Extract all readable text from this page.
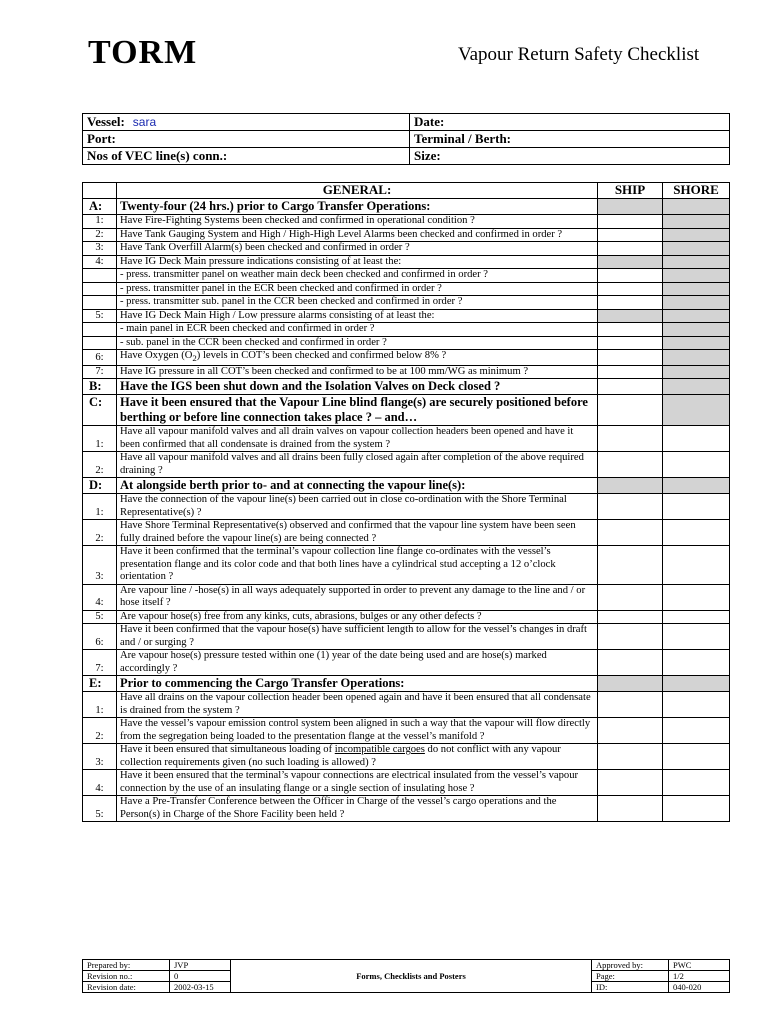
TORM	Vapour Return Safety Checklist
Vessel: sara	Date:
Port:	Terminal / Berth:
Nos of VEC line(s) conn.:	Size:
	GENERAL:	SHIP	SHORE
A:	Twenty-four (24 hrs.) prior to Cargo Transfer Operations:		
1:	Have Fire-Fighting Systems been checked and confirmed in operational condition ?		
2:	Have Tank Gauging System and High / High-High Level Alarms been checked and confirmed in order ?		
3:	Have Tank Overfill Alarm(s) been checked and confirmed in order ?		
4:	Have IG Deck Main pressure indications consisting of at least the:		
	- press. transmitter panel on weather main deck been checked and confirmed in order ?		
	- press. transmitter panel in the ECR been checked and confirmed in order ?		
	- press. transmitter sub. panel in the CCR been checked and confirmed in order ?		
5:	Have IG Deck Main High / Low pressure alarms consisting of at least the:		
	- main panel in ECR been checked and confirmed in order ?		
	- sub. panel in the CCR been checked and confirmed in order ?		
6:	Have Oxygen $(O_2)$ levels in COT’s been checked and confirmed below 8% ?		
7:	Have IG pressure in all COT’s been checked and confirmed to be at 100 mm/WG as minimum ?		
B:	Have the IGS been shut down and the Isolation Valves on Deck closed ?		
C:	Have it been ensured that the Vapour Line blind flange(s) are securely positioned before berthing or before line connection takes place ? – and…		
1:	Have all vapour manifold valves and all drain valves on vapour collection headers been opened and have it been confirmed that all condensate is drained from the system ?		
2:	Have all vapour manifold valves and all drains been fully closed again after completion of the above required draining ?		
D:	At alongside berth prior to- and at connecting the vapour line(s):		
1:	Have the connection of the vapour line(s) been carried out in close co-ordination with the Shore Terminal Representative(s) ?		
2:	Have Shore Terminal Representative(s) observed and confirmed that the vapour line system have been seen fully drained before the vapour line(s) are being connected ?		
3:	Have it been confirmed that the terminal’s vapour collection line flange co-ordinates with the vessel’s presentation flange and its color code and that both lines have a cylindrical stud accepting a 12 o’clock orientation ?		
4:	Are vapour line / -hose(s) in all ways adequately supported in order to prevent any damage to the line and / or hose itself ?		
5:	Are vapour hose(s) free from any kinks, cuts, abrasions, bulges or any other defects ?		
6:	Have it been confirmed that the vapour hose(s) have sufficient length to allow for the vessel’s changes in draft and / or surging ?		
7:	Are vapour hose(s) pressure tested within one (1) year of the date being used and are hose(s) marked accordingly ?		
E:	Prior to commencing the Cargo Transfer Operations:		
1:	Have all drains on the vapour collection header been opened again and have it been ensured that all condensate is drained from the system ?		
2:	Have the vessel’s vapour emission control system been aligned in such a way that the vapour will flow directly from the segregation being loaded to the presentation flange at the vessel’s manifold ?		
3:	Have it been ensured that simultaneous loading of incompatible cargoes do not conflict with any vapour collection requirements given (no such loading is allowed) ?		
4:	Have it been ensured that the terminal’s vapour connections are electrical insulated from the vessel’s vapour connection by the use of an insulating flange or a single section of insulating hose ?		
5:	Have a Pre-Transfer Conference between the Officer in Charge of the vessel’s cargo operations and the Person(s) in Charge of the Shore Facility been held ?		
Prepared by:	JVP	Forms, Checklists and Posters	Approved by:	PWC
Revision no.:	0		Page:	1/2
Revision date:	2002-03-15		ID:	040-020
